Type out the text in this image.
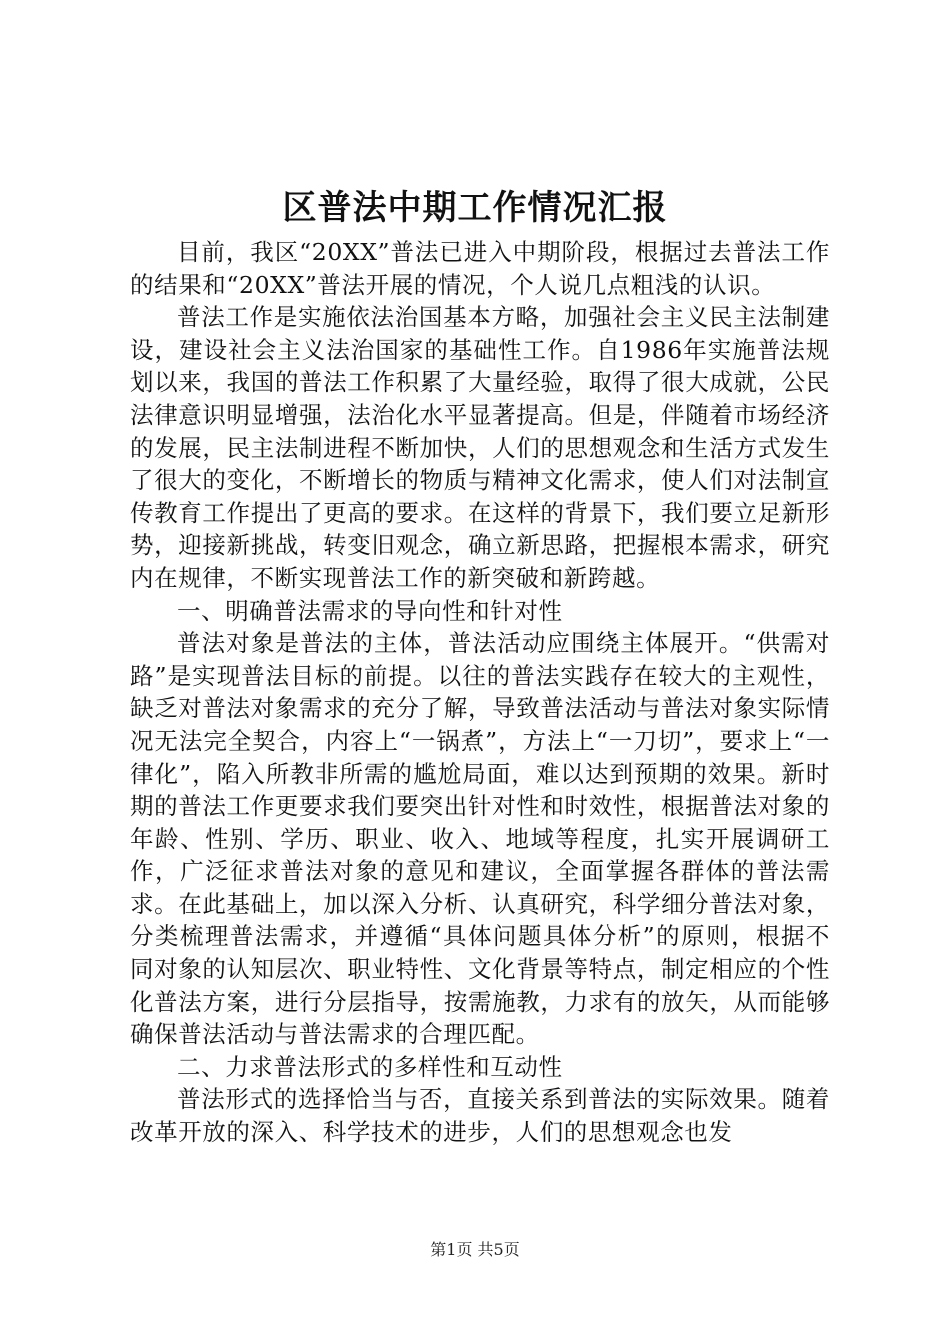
区普法中期工作情况汇报

目前，我区“20XX”普法已进入中期阶段，根据过去普法工作的结果和“20XX”普法开展的情况，个人说几点粗浅的认识。

普法工作是实施依法治国基本方略，加强社会主义民主法制建设，建设社会主义法治国家的基础性工作。自1986年实施普法规划以来，我国的普法工作积累了大量经验，取得了很大成就，公民法律意识明显增强，法治化水平显著提高。但是，伴随着市场经济的发展，民主法制进程不断加快，人们的思想观念和生活方式发生了很大的变化，不断增长的物质与精神文化需求，使人们对法制宣传教育工作提出了更高的要求。在这样的背景下，我们要立足新形势，迎接新挑战，转变旧观念，确立新思路，把握根本需求，研究内在规律，不断实现普法工作的新突破和新跨越。

一、明确普法需求的导向性和针对性

普法对象是普法的主体，普法活动应围绕主体展开。“供需对路”是实现普法目标的前提。以往的普法实践存在较大的主观性，缺乏对普法对象需求的充分了解，导致普法活动与普法对象实际情况无法完全契合，内容上“一锅煮”，方法上“一刀切”，要求上“一律化”，陷入所教非所需的尴尬局面，难以达到预期的效果。新时期的普法工作更要求我们要突出针对性和时效性，根据普法对象的年龄、性别、学历、职业、收入、地域等程度，扎实开展调研工作，广泛征求普法对象的意见和建议，全面掌握各群体的普法需求。在此基础上，加以深入分析、认真研究，科学细分普法对象，分类梳理普法需求，并遵循“具体问题具体分析”的原则，根据不同对象的认知层次、职业特性、文化背景等特点，制定相应的个性化普法方案，进行分层指导，按需施教，力求有的放矢，从而能够确保普法活动与普法需求的合理匹配。

二、力求普法形式的多样性和互动性

普法形式的选择恰当与否，直接关系到普法的实际效果。随着改革开放的深入、科学技术的进步，人们的思想观念也发

第1页 共5页
